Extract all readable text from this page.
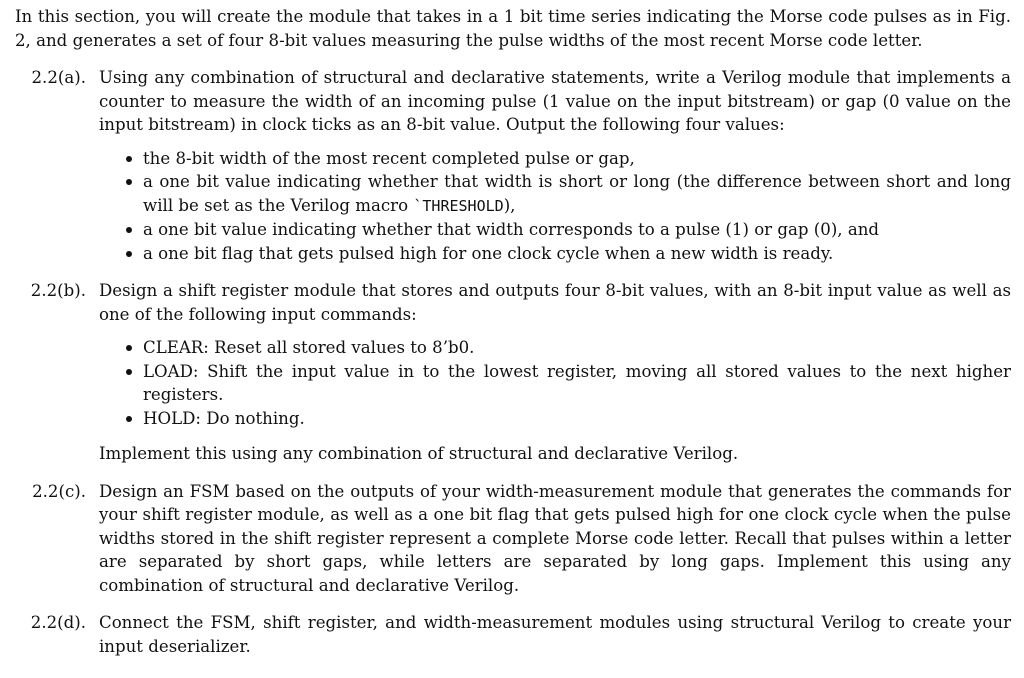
In this section, you will create the module that takes in a 1 bit time series indicating the Morse code pulses as in Fig. 2, and generates a set of four 8-bit values measuring the pulse widths of the most recent Morse code letter.

2.2(a). Using any combination of structural and declarative statements, write a Verilog module that implements a counter to measure the width of an incoming pulse (1 value on the input bitstream) or gap (0 value on the input bitstream) in clock ticks as an 8-bit value. Output the following four values:

the 8-bit width of the most recent completed pulse or gap,
a one bit value indicating whether that width is short or long (the difference between short and long will be set as the Verilog macro `THRESHOLD),
a one bit value indicating whether that width corresponds to a pulse (1) or gap (0), and
a one bit flag that gets pulsed high for one clock cycle when a new width is ready.
2.2(b). Design a shift register module that stores and outputs four 8-bit values, with an 8-bit input value as well as one of the following input commands:

CLEAR: Reset all stored values to 8’b0.
LOAD: Shift the input value in to the lowest register, moving all stored values to the next higher registers.
HOLD: Do nothing.

Implement this using any combination of structural and declarative Verilog.

2.2(c). Design an FSM based on the outputs of your width-measurement module that generates the commands for your shift register module, as well as a one bit flag that gets pulsed high for one clock cycle when the pulse widths stored in the shift register represent a complete Morse code letter. Recall that pulses within a letter are separated by short gaps, while letters are separated by long gaps. Implement this using any combination of structural and declarative Verilog.

2.2(d). Connect the FSM, shift register, and width-measurement modules using structural Verilog to create your input deserializer.
